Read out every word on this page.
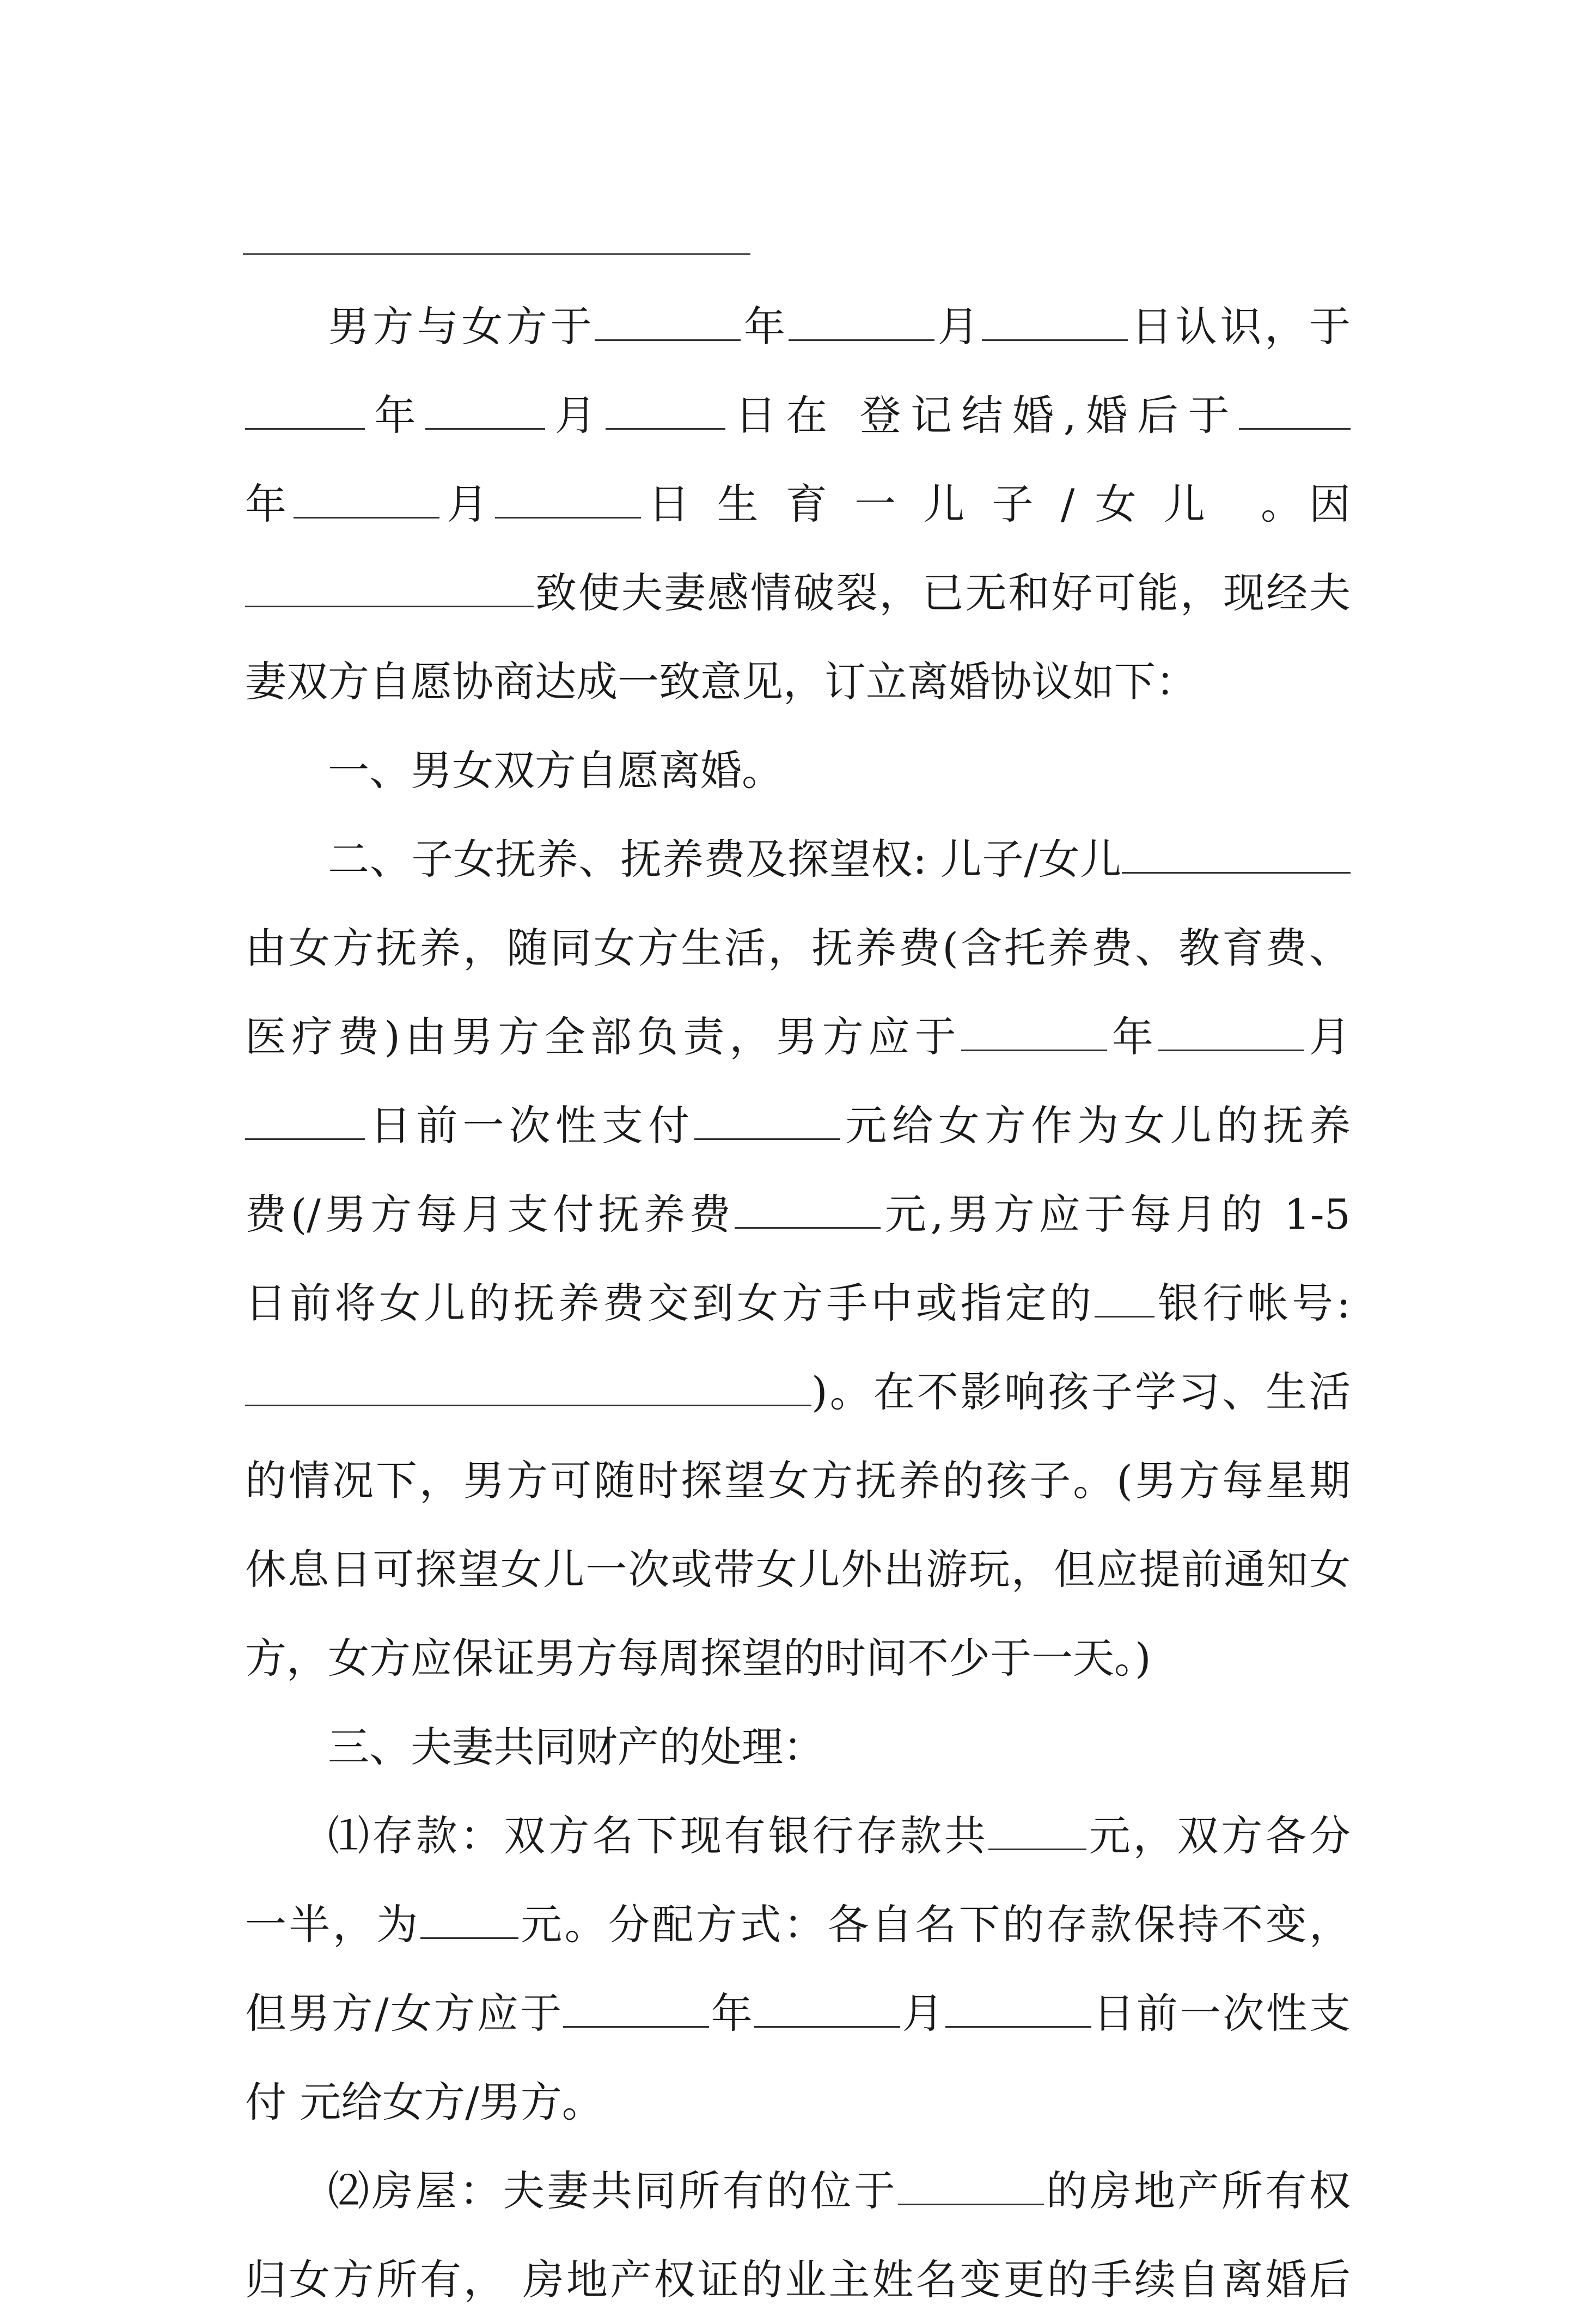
男方与女方于	年	月	日认识，于
年	月	日在 登记结婚,婚后于
年	月	日 生 育 一 儿 子 / 女 儿　。因
致使夫妻感情破裂，已无和好可能，现经夫
妻双方自愿协商达成一致意见，订立离婚协议如下：
一、男女双方自愿离婚。
二、子女抚养、抚养费及探望权: 儿子/女儿
由女方抚养，随同女方生活，抚养费(含托养费、教育费、
医疗费)由男方全部负责，男方应于	年	月
日前一次性支付	元给女方作为女儿的抚养
费(/男方每月支付抚养费	元,男方应于每月的 1-5
日前将女儿的抚养费交到女方手中或指定的 银行帐号:
)。在不影响孩子学习、生活
的情况下，男方可随时探望女方抚养的孩子。(男方每星期
休息日可探望女儿一次或带女儿外出游玩，但应提前通知女
方，女方应保证男方每周探望的时间不少于一天。)
三、夫妻共同财产的处理：
⑴存款：双方名下现有银行存款共 元，双方各分
一半，为 元。分配方式：各自名下的存款保持不变，
但男方/女方应于	年	月	日前一次性支
付 元给女方/男方。
⑵房屋：夫妻共同所有的位于	的房地产所有权
归女方所有， 房地产权证的业主姓名变更的手续自离婚后
